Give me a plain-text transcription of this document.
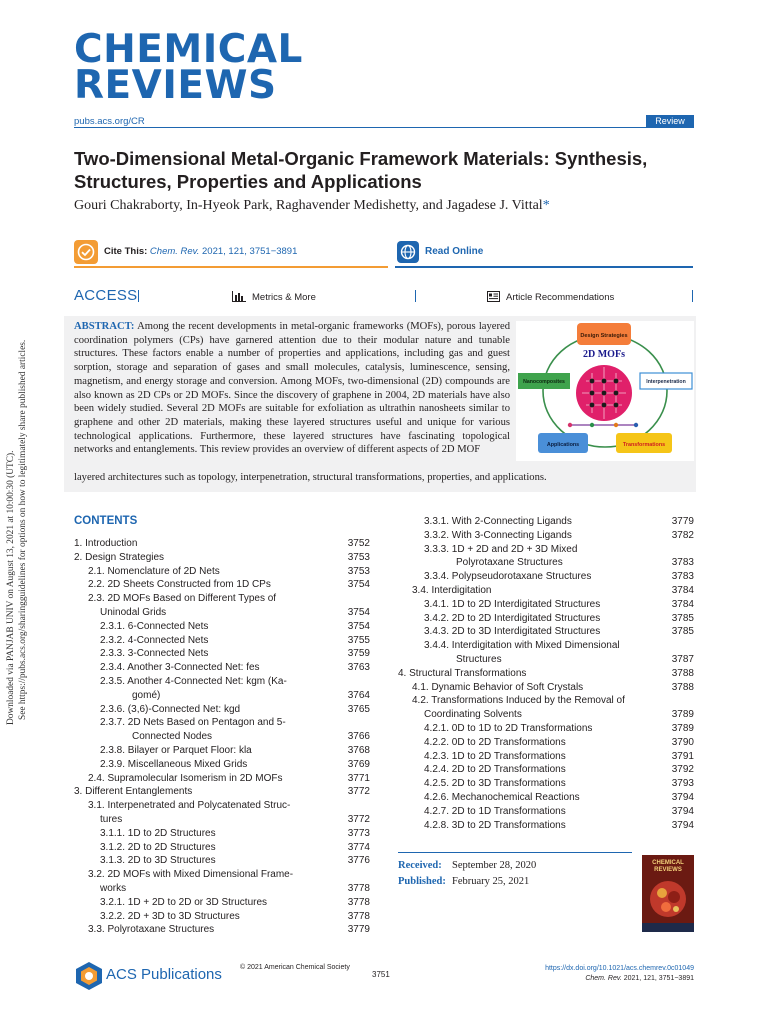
Downloaded via PANJAB UNIV on August 13, 2021 at 10:00:30 (UTC). See https://pubs.acs.org/sharingguidelines for options on how to legitimately share published articles.
CHEMICAL
REVIEWS
pubs.acs.org/CR	Review
Two-Dimensional Metal-Organic Framework Materials: Synthesis, Structures, Properties and Applications
Gouri Chakraborty, In-Hyeok Park, Raghavender Medishetty, and Jagadese J. Vittal*
Cite This: Chem. Rev. 2021, 121, 3751−3891	Read Online
ACCESS	Metrics & More	Article Recommendations
ABSTRACT: Among the recent developments in metal-organic frameworks (MOFs), porous layered coordination polymers (CPs) have garnered attention due to their modular nature and tunable structures. These factors enable a number of properties and applications, including gas and guest sorption, storage and separation of gases and small molecules, catalysis, luminescence, sensing, magnetism, and energy storage and conversion. Among MOFs, two-dimensional (2D) compounds are also known as 2D CPs or 2D MOFs. Since the discovery of graphene in 2004, 2D materials have also been widely studied. Several 2D MOFs are suitable for exfoliation as ultrathin nanosheets similar to graphene and other 2D materials, making these layered structures useful and unique for various technological applications. Furthermore, these layered structures have fascinating topological networks and entanglements. This review provides an overview of different aspects of 2D MOF
layered architectures such as topology, interpenetration, structural transformations, properties, and applications.
Design Strategies
2D MOFs
Nanocomposites	Interpenetration
Applications	Transformations
CONTENTS
1. Introduction	3752
2. Design Strategies	3753
2.1. Nomenclature of 2D Nets	3753
2.2. 2D Sheets Constructed from 1D CPs	3754
2.3. 2D MOFs Based on Different Types of
Uninodal Grids	3754
2.3.1. 6-Connected Nets	3754
2.3.2. 4-Connected Nets	3755
2.3.3. 3-Connected Nets	3759
2.3.4. Another 3-Connected Net: fes	3763
2.3.5. Another 4-Connected Net: kgm (Ka-
gomé)	3764
2.3.6. (3,6)-Connected Net: kgd	3765
2.3.7. 2D Nets Based on Pentagon and 5-
Connected Nodes	3766
2.3.8. Bilayer or Parquet Floor: kla	3768
2.3.9. Miscellaneous Mixed Grids	3769
2.4. Supramolecular Isomerism in 2D MOFs	3771
3. Different Entanglements	3772
3.1. Interpenetrated and Polycatenated Struc-
tures	3772
3.1.1. 1D to 2D Structures	3773
3.1.2. 2D to 2D Structures	3774
3.1.3. 2D to 3D Structures	3776
3.2. 2D MOFs with Mixed Dimensional Frame-
works	3778
3.2.1. 1D + 2D to 2D or 3D Structures	3778
3.2.2. 2D + 3D to 3D Structures	3778
3.3. Polyrotaxane Structures	3779
3.3.1. With 2-Connecting Ligands	3779
3.3.2. With 3-Connecting Ligands	3782
3.3.3. 1D + 2D and 2D + 3D Mixed
Polyrotaxane Structures	3783
3.3.4. Polypseudorotaxane Structures	3783
3.4. Interdigitation	3784
3.4.1. 1D to 2D Interdigitated Structures	3784
3.4.2. 2D to 2D Interdigitated Structures	3785
3.4.3. 2D to 3D Interdigitated Structures	3785
3.4.4. Interdigitation with Mixed Dimensional
Structures	3787
4. Structural Transformations	3788
4.1. Dynamic Behavior of Soft Crystals	3788
4.2. Transformations Induced by the Removal of
Coordinating Solvents	3789
4.2.1. 0D to 1D to 2D Transformations	3789
4.2.2. 0D to 2D Transformations	3790
4.2.3. 1D to 2D Transformations	3791
4.2.4. 2D to 2D Transformations	3792
4.2.5. 2D to 3D Transformations	3793
4.2.6. Mechanochemical Reactions	3794
4.2.7. 2D to 1D Transformations	3794
4.2.8. 3D to 2D Transformations	3794
Received: September 28, 2020
Published: February 25, 2021
CHEMICAL
REVIEWS
ACS Publications	© 2021 American Chemical Society
3751
https://dx.doi.org/10.1021/acs.chemrev.0c01049
Chem. Rev. 2021, 121, 3751−3891
